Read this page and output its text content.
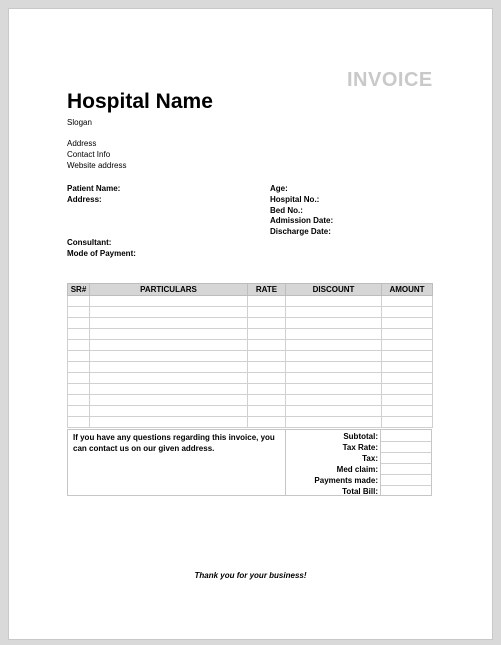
INVOICE
Hospital Name
Slogan
Address
Contact Info
Website address
Patient Name:
Address:
Consultant:
Mode of Payment:
Age:
Hospital No.:
Bed No.:
Admission Date:
Discharge Date:
SR#	PARTICULARS	RATE	DISCOUNT	AMOUNT

If you have any questions regarding this invoice, you can contact us on our given address.
Subtotal:
Tax Rate:
Tax:
Med claim:
Payments made:
Total Bill:
Thank you for your business!
